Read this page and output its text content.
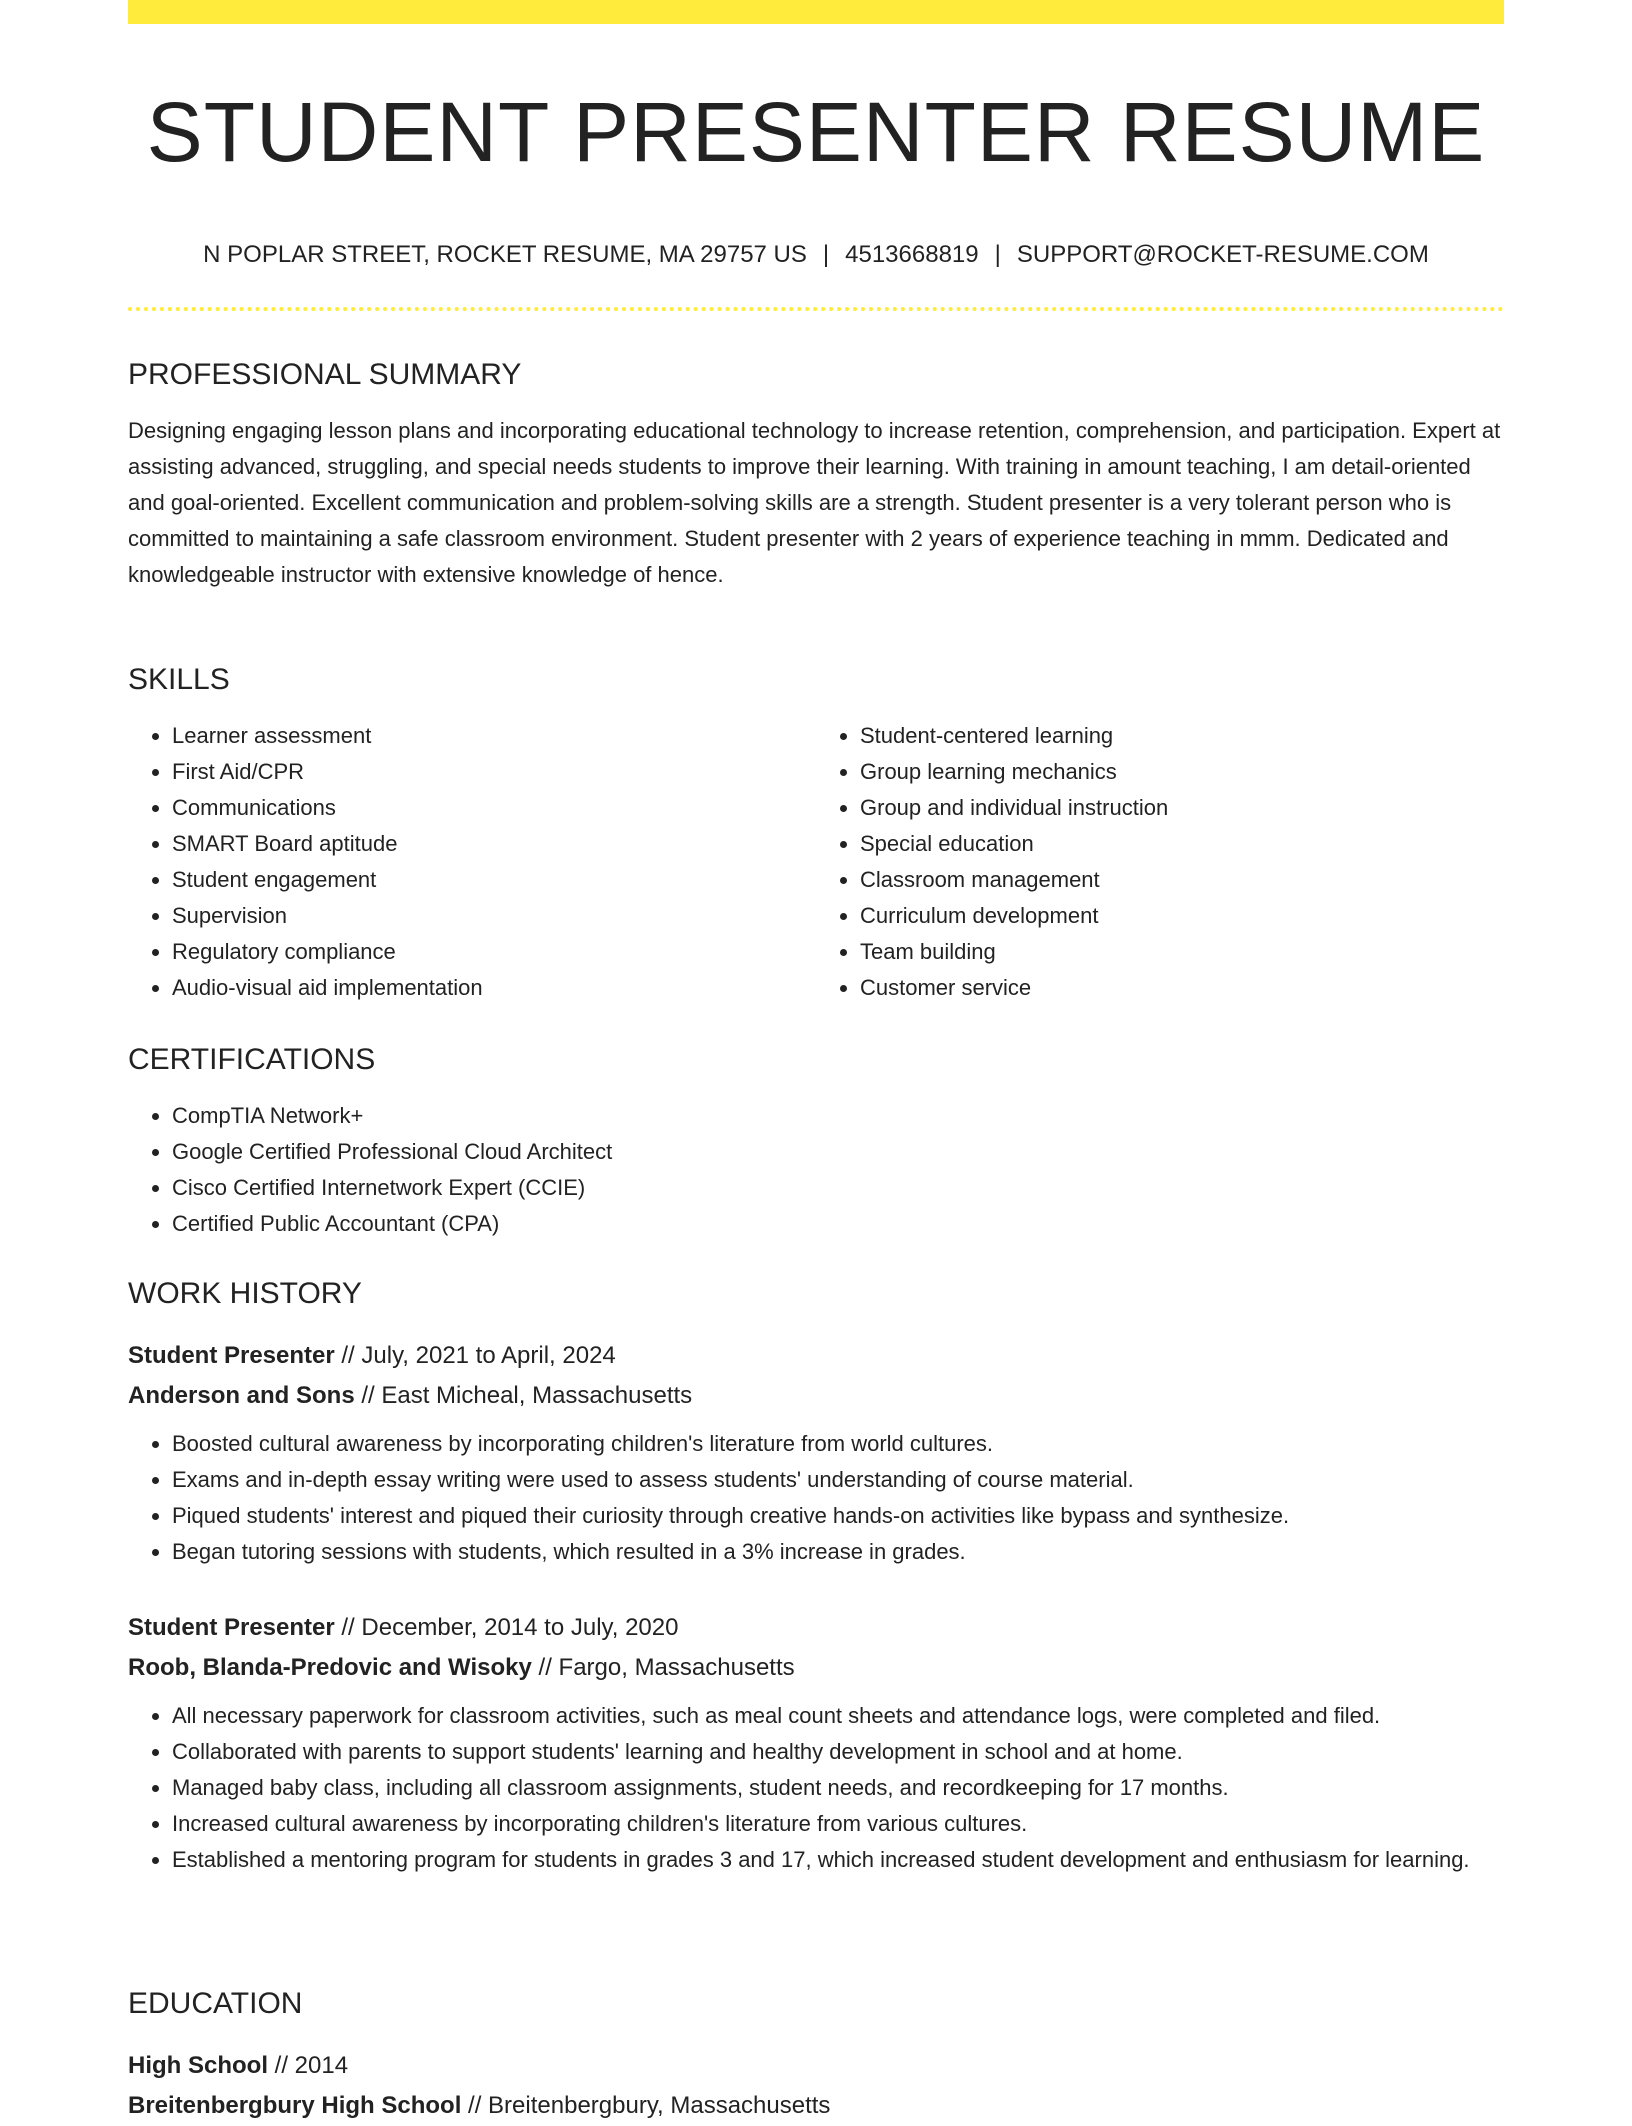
STUDENT PRESENTER RESUME
N POPLAR STREET, ROCKET RESUME, MA 29757 US | 4513668819 | SUPPORT@ROCKET-RESUME.COM
PROFESSIONAL SUMMARY

Designing engaging lesson plans and incorporating educational technology to increase retention, comprehension, and participation. Expert at assisting advanced, struggling, and special needs students to improve their learning. With training in amount teaching, I am detail-oriented and goal-oriented. Excellent communication and problem-solving skills are a strength. Student presenter is a very tolerant person who is committed to maintaining a safe classroom environment. Student presenter with 2 years of experience teaching in mmm. Dedicated and knowledgeable instructor with extensive knowledge of hence.

SKILLS
• Learner assessment
• First Aid/CPR
• Communications
• SMART Board aptitude
• Student engagement
• Supervision
• Regulatory compliance
• Audio-visual aid implementation
• Student-centered learning
• Group learning mechanics
• Group and individual instruction
• Special education
• Classroom management
• Curriculum development
• Team building
• Customer service
CERTIFICATIONS
• CompTIA Network+
• Google Certified Professional Cloud Architect
• Cisco Certified Internetwork Expert (CCIE)
• Certified Public Accountant (CPA)
WORK HISTORY

Student Presenter // July, 2021 to April, 2024

Anderson and Sons // East Micheal, Massachusetts

• Boosted cultural awareness by incorporating children's literature from world cultures.
• Exams and in-depth essay writing were used to assess students' understanding of course material.
• Piqued students' interest and piqued their curiosity through creative hands-on activities like bypass and synthesize.
• Began tutoring sessions with students, which resulted in a 3% increase in grades.

Student Presenter // December, 2014 to July, 2020

Roob, Blanda-Predovic and Wisoky // Fargo, Massachusetts

• All necessary paperwork for classroom activities, such as meal count sheets and attendance logs, were completed and filed.
• Collaborated with parents to support students' learning and healthy development in school and at home.
• Managed baby class, including all classroom assignments, student needs, and recordkeeping for 17 months.
• Increased cultural awareness by incorporating children's literature from various cultures.
• Established a mentoring program for students in grades 3 and 17, which increased student development and enthusiasm for learning.
EDUCATION

High School // 2014

Breitenbergbury High School // Breitenbergbury, Massachusetts
